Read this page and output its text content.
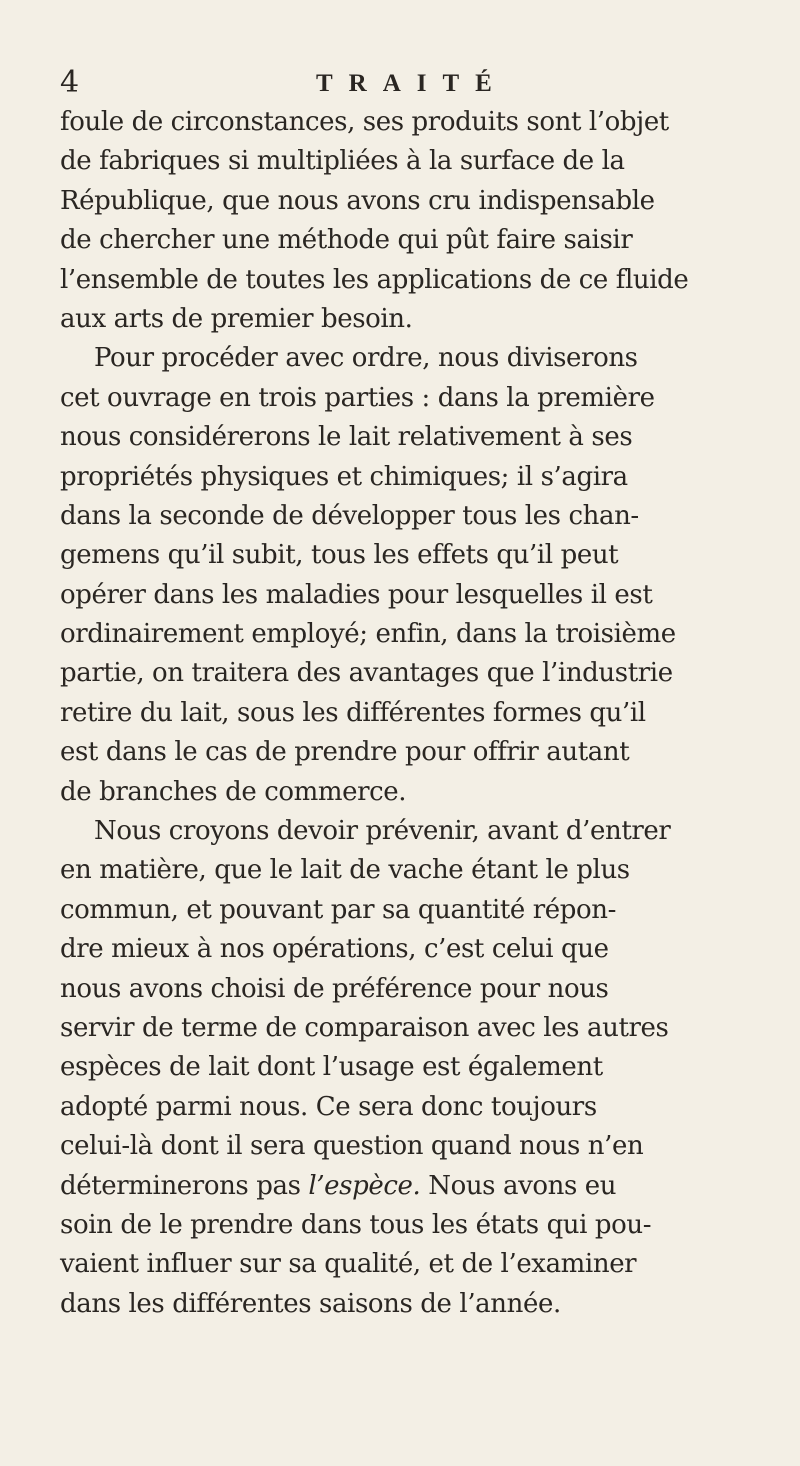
4	TRAITÉ
foule de circonstances, ses produits sont l’objet
de fabriques si multipliées à la surface de la
République, que nous avons cru indispensable
de chercher une méthode qui pût faire saisir
l’ensemble de toutes les applications de ce fluide
aux arts de premier besoin.
Pour procéder avec ordre, nous diviserons
cet ouvrage en trois parties : dans la première
nous considérerons le lait relativement à ses
propriétés physiques et chimiques; il s’agira
dans la seconde de développer tous les chan-
gemens qu’il subit, tous les effets qu’il peut
opérer dans les maladies pour lesquelles il est
ordinairement employé; enfin, dans la troisième
partie, on traitera des avantages que l’industrie
retire du lait, sous les différentes formes qu’il
est dans le cas de prendre pour offrir autant
de branches de commerce.
Nous croyons devoir prévenir, avant d’entrer
en matière, que le lait de vache étant le plus
commun, et pouvant par sa quantité répon-
dre mieux à nos opérations, c’est celui que
nous avons choisi de préférence pour nous
servir de terme de comparaison avec les autres
espèces de lait dont l’usage est également
adopté parmi nous. Ce sera donc toujours
celui-là dont il sera question quand nous n’en
déterminerons pas l’espèce. Nous avons eu
soin de le prendre dans tous les états qui pou-
vaient influer sur sa qualité, et de l’examiner
dans les différentes saisons de l’année.
